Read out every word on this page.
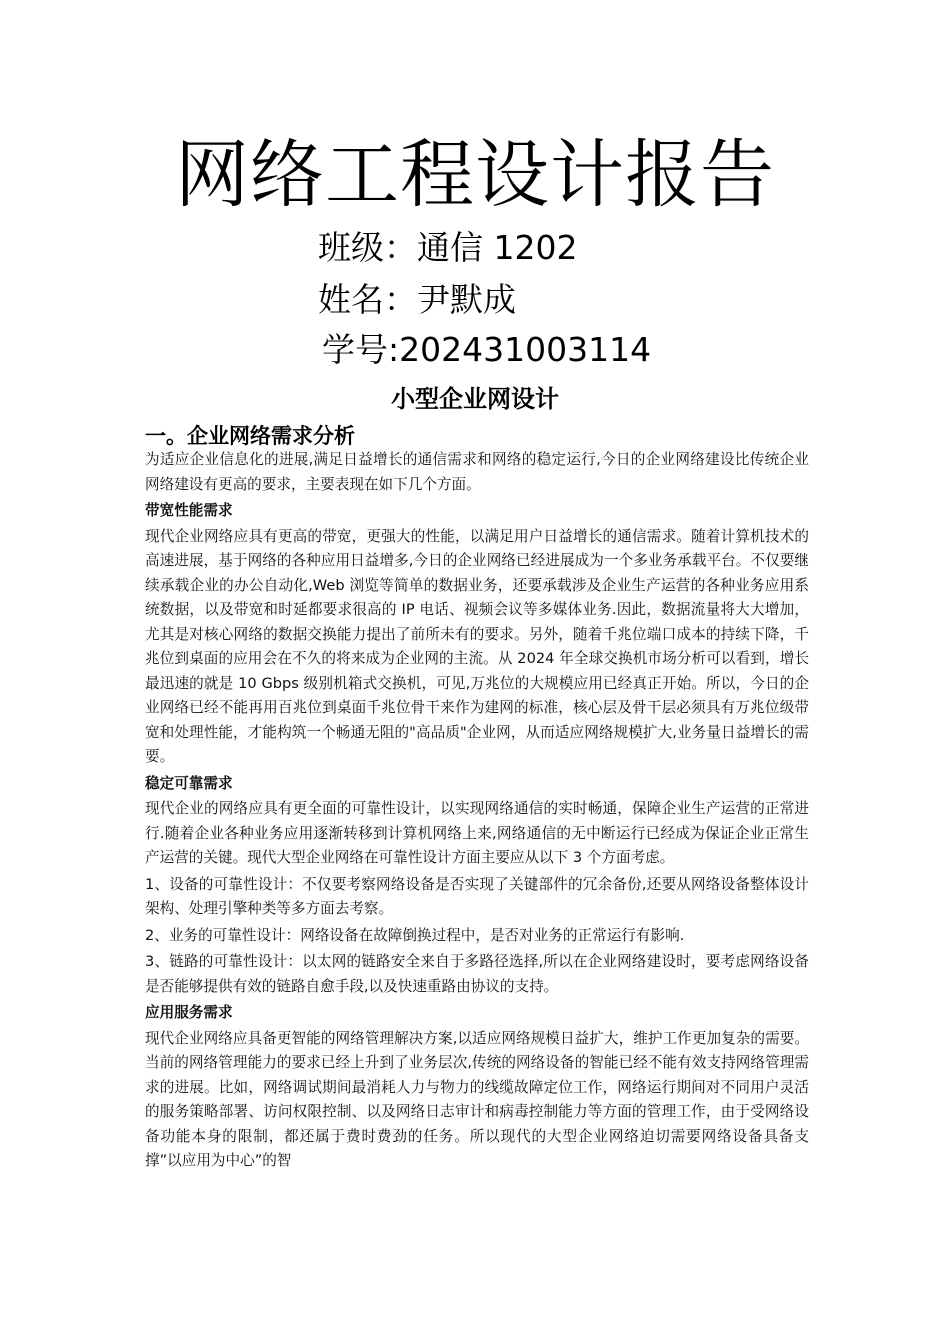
网络工程设计报告
班级：通信 1202
姓名：尹默成
学号:202431003114
小型企业网设计
一。企业网络需求分析

为适应企业信息化的进展,满足日益增长的通信需求和网络的稳定运行,今日的企业网络建设比传统企业网络建设有更高的要求，主要表现在如下几个方面。

带宽性能需求

现代企业网络应具有更高的带宽，更强大的性能，以满足用户日益增长的通信需求。随着计算机技术的高速进展，基于网络的各种应用日益增多,今日的企业网络已经进展成为一个多业务承载平台。不仅要继续承载企业的办公自动化,Web 浏览等简单的数据业务，还要承载涉及企业生产运营的各种业务应用系统数据，以及带宽和时延都要求很高的 IP 电话、视频会议等多媒体业务.因此，数据流量将大大增加，尤其是对核心网络的数据交换能力提出了前所未有的要求。另外，随着千兆位端口成本的持续下降，千兆位到桌面的应用会在不久的将来成为企业网的主流。从 2024 年全球交换机市场分析可以看到，增长最迅速的就是 10 Gbps 级别机箱式交换机，可见,万兆位的大规模应用已经真正开始。所以，今日的企业网络已经不能再用百兆位到桌面千兆位骨干来作为建网的标准，核心层及骨干层必须具有万兆位级带宽和处理性能，才能构筑一个畅通无阻的"高品质"企业网，从而适应网络规模扩大,业务量日益增长的需要。

稳定可靠需求

现代企业的网络应具有更全面的可靠性设计，以实现网络通信的实时畅通，保障企业生产运营的正常进行.随着企业各种业务应用逐渐转移到计算机网络上来,网络通信的无中断运行已经成为保证企业正常生产运营的关键。现代大型企业网络在可靠性设计方面主要应从以下 3 个方面考虑。

1、设备的可靠性设计：不仅要考察网络设备是否实现了关键部件的冗余备份,还要从网络设备整体设计架构、处理引擎种类等多方面去考察。

2、业务的可靠性设计：网络设备在故障倒换过程中，是否对业务的正常运行有影响.

3、链路的可靠性设计：以太网的链路安全来自于多路径选择,所以在企业网络建设时，要考虑网络设备是否能够提供有效的链路自愈手段,以及快速重路由协议的支持。

应用服务需求

现代企业网络应具备更智能的网络管理解决方案,以适应网络规模日益扩大，维护工作更加复杂的需要。当前的网络管理能力的要求已经上升到了业务层次,传统的网络设备的智能已经不能有效支持网络管理需求的进展。比如，网络调试期间最消耗人力与物力的线缆故障定位工作，网络运行期间对不同用户灵活的服务策略部署、访问权限控制、以及网络日志审计和病毒控制能力等方面的管理工作，由于受网络设备功能本身的限制，都还属于费时费劲的任务。所以现代的大型企业网络迫切需要网络设备具备支撑”以应用为中心”的智
